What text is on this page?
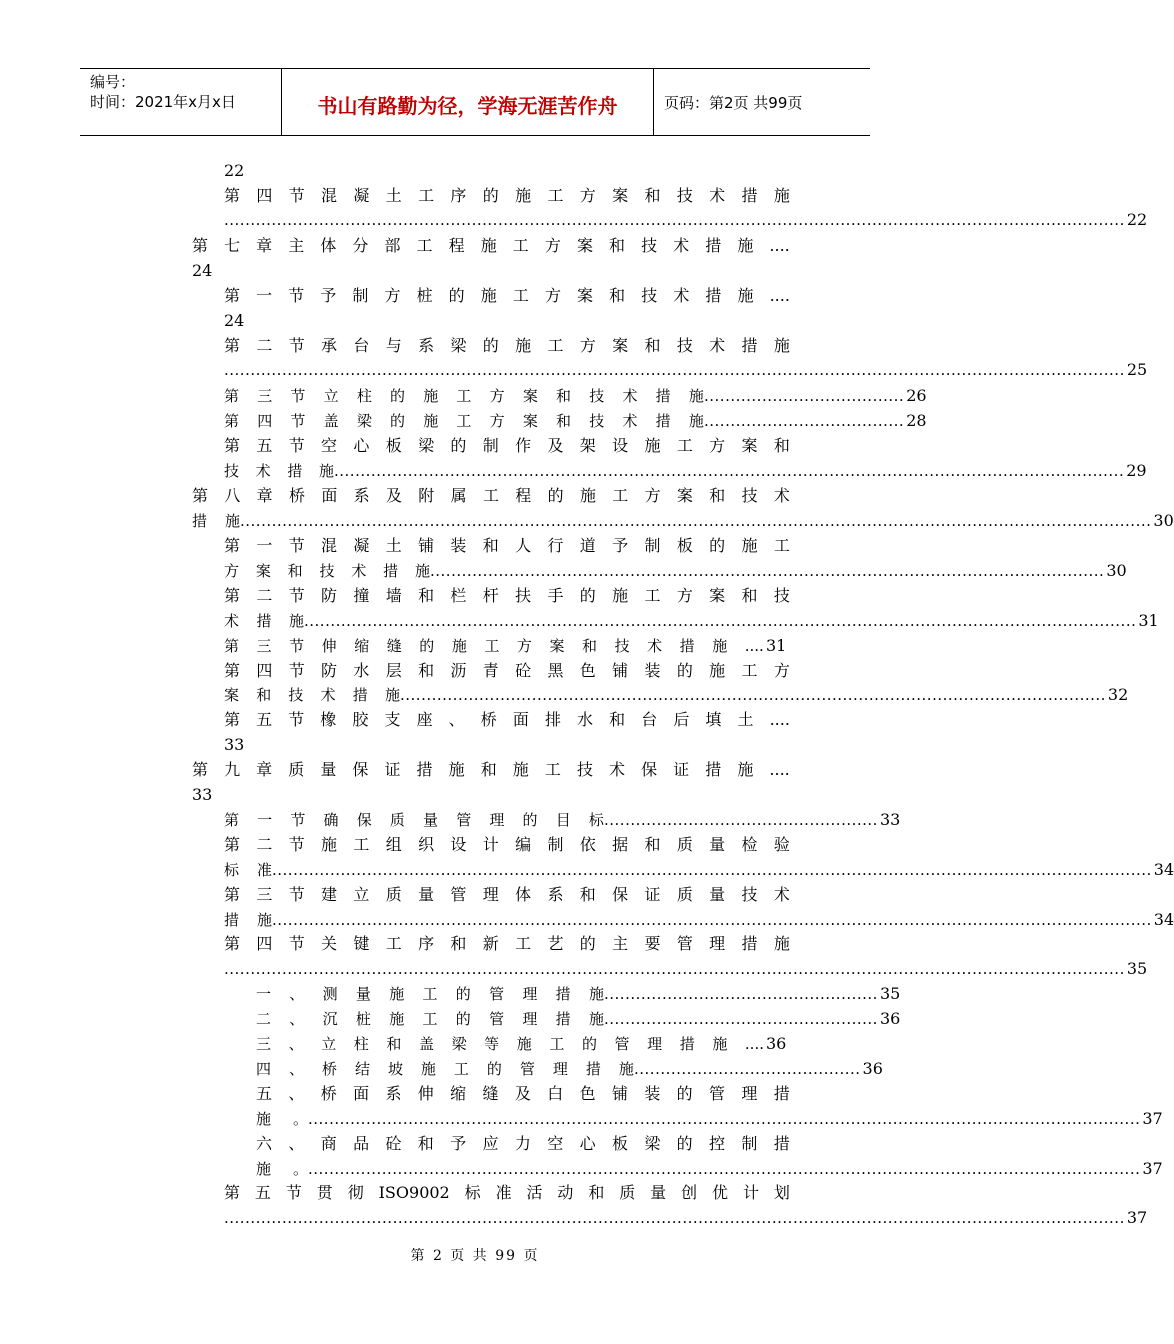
编号：
时间：2021年x月x日	书山有路勤为径，学海无涯苦作舟	页码：第2页 共99页
22
第 四 节 混 凝 土 工 序 的 施 工 方 案 和 技 术 措 施
........................................................................................................................................................................... 22
第 七 章 主 体 分 部 工 程 施 工 方 案 和 技 术 措 施 ....
24
第 一 节 予 制 方 桩 的 施 工 方 案 和 技 术 措 施 ....
24
第 二 节 承 台 与 系 梁 的 施 工 方 案 和 技 术 措 施
........................................................................................................................................................................... 25
第 三 节 立 柱 的 施 工 方 案 和 技 术 措 施 ...................................... 26
第 四 节 盖 梁 的 施 工 方 案 和 技 术 措 施 ...................................... 28
第 五 节 空 心 板 梁 的 制 作 及 架 设 施 工 方 案 和
技 术 措 施 ...................................................................................................................................................... 29
第 八 章 桥 面 系 及 附 属 工 程 的 施 工 方 案 和 技 术
措 施 ............................................................................................................................................................................. 30
第 一 节 混 凝 土 铺 装 和 人 行 道 予 制 板 的 施 工
方 案 和 技 术 措 施 ................................................................................................................................ 30
第 二 节 防 撞 墙 和 栏 杆 扶 手 的 施 工 方 案 和 技
术 措 施 .............................................................................................................................................................. 31
第 三 节 伸 缩 缝 的 施 工 方 案 和 技 术 措 施 .... 31
第 四 节 防 水 层 和 沥 青 砼 黑 色 铺 装 的 施 工 方
案 和 技 术 措 施 ...................................................................................................................................... 32
第 五 节 橡 胶 支 座 、 桥 面 排 水 和 台 后 填 土 ....
33
第 九 章 质 量 保 证 措 施 和 施 工 技 术 保 证 措 施 ....
33
第 一 节 确 保 质 量 管 理 的 目 标 .................................................... 33
第 二 节 施 工 组 织 设 计 编 制 依 据 和 质 量 检 验
标 准 ....................................................................................................................................................................... 34
第 三 节 建 立 质 量 管 理 体 系 和 保 证 质 量 技 术
措 施 ....................................................................................................................................................................... 34
第 四 节 关 键 工 序 和 新 工 艺 的 主 要 管 理 措 施
........................................................................................................................................................................... 35
一 、 测 量 施 工 的 管 理 措 施 .................................................... 35
二 、 沉 桩 施 工 的 管 理 措 施 .................................................... 36
三 、 立 柱 和 盖 梁 等 施 工 的 管 理 措 施 .... 36
四 、 桥 结 坡 施 工 的 管 理 措 施 ........................................... 36
五 、 桥 面 系 伸 缩 缝 及 白 色 铺 装 的 管 理 措
施 。 .............................................................................................................................................................. 37
六 、 商 品 砼 和 予 应 力 空 心 板 梁 的 控 制 措
施 。 .............................................................................................................................................................. 37
第 五 节 贯 彻 ISO9002 标 准 活 动 和 质 量 创 优 计 划
........................................................................................................................................................................... 37
第 2 页 共 99 页
